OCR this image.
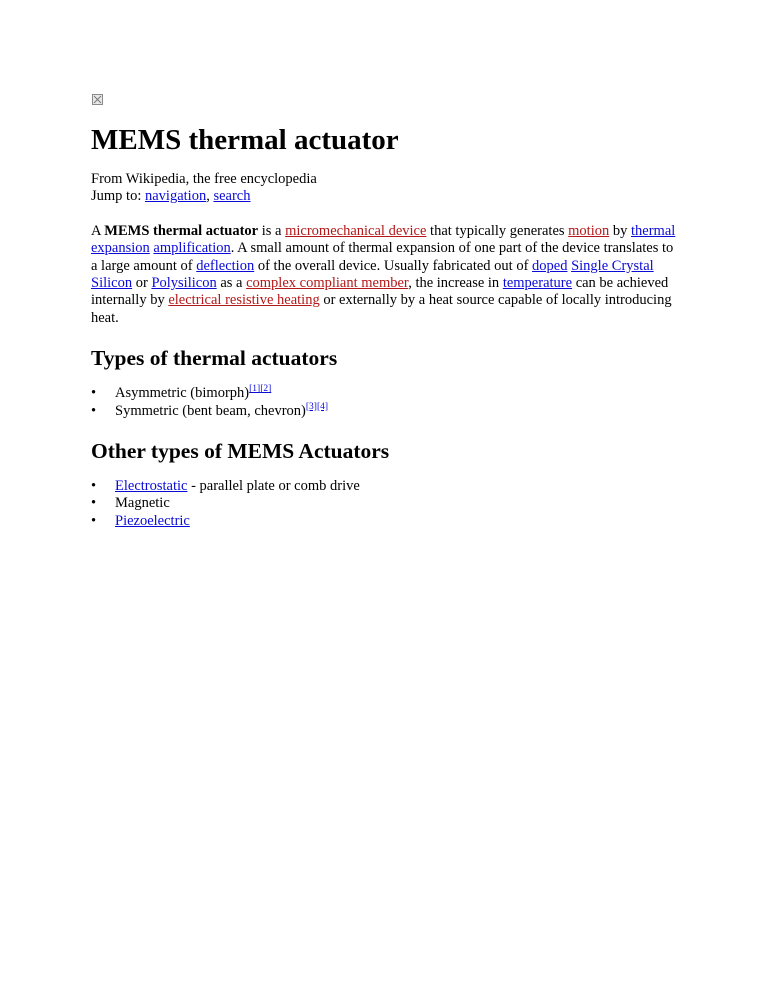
MEMS thermal actuator

From Wikipedia, the free encyclopedia

Jump to: navigation, search

A MEMS thermal actuator is a micromechanical device that typically generates motion by thermal expansion amplification. A small amount of thermal expansion of one part of the device translates to a large amount of deflection of the overall device. Usually fabricated out of doped Single Crystal Silicon or Polysilicon as a complex compliant member, the increase in temperature can be achieved internally by electrical resistive heating or externally by a heat source capable of locally introducing heat.

Types of thermal actuators
• Asymmetric (bimorph)[1][2]
• Symmetric (bent beam, chevron)[3][4]
Other types of MEMS Actuators
• Electrostatic - parallel plate or comb drive
• Magnetic
• Piezoelectric
